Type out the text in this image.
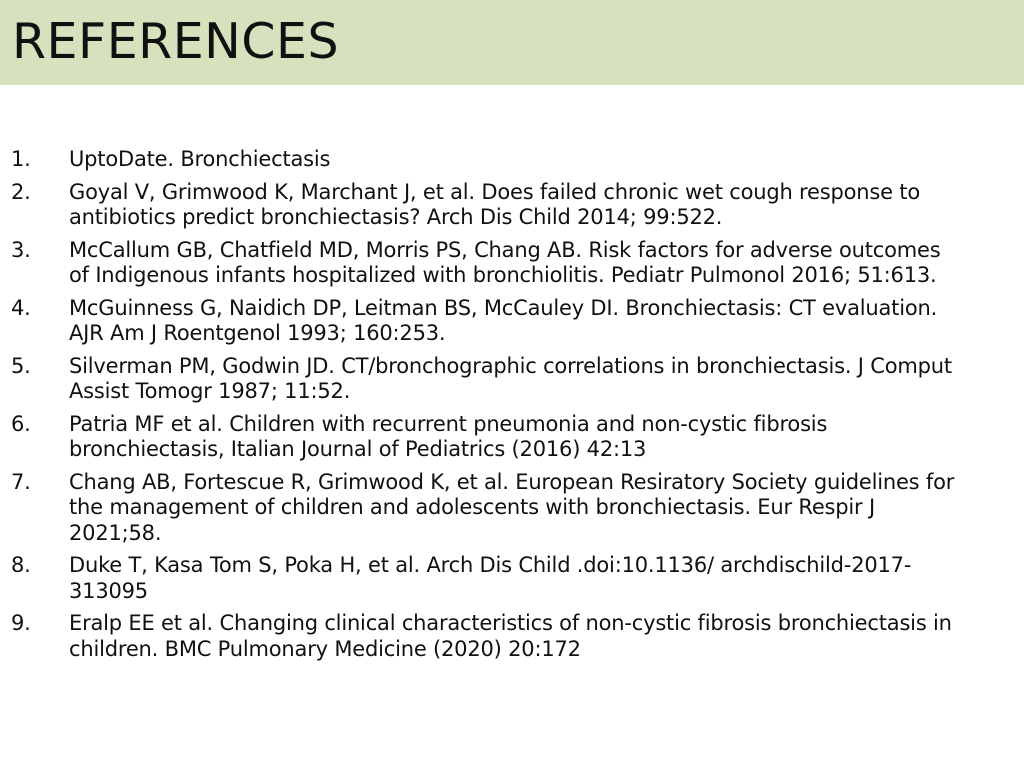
REFERENCES
1. UptoDate. Bronchiectasis
2. Goyal V, Grimwood K, Marchant J, et al. Does failed chronic wet cough response to antibiotics predict bronchiectasis? Arch Dis Child 2014; 99:522.
3. McCallum GB, Chatfield MD, Morris PS, Chang AB. Risk factors for adverse outcomes of Indigenous infants hospitalized with bronchiolitis. Pediatr Pulmonol 2016; 51:613.
4. McGuinness G, Naidich DP, Leitman BS, McCauley DI. Bronchiectasis: CT evaluation. AJR Am J Roentgenol 1993; 160:253.
5. Silverman PM, Godwin JD. CT/bronchographic correlations in bronchiectasis. J Comput Assist Tomogr 1987; 11:52.
6. Patria MF et al. Children with recurrent pneumonia and non-cystic fibrosis bronchiectasis, Italian Journal of Pediatrics (2016) 42:13
7. Chang AB, Fortescue R, Grimwood K, et al. European Resiratory Society guidelines for the management of children and adolescents with bronchiectasis. Eur Respir J 2021;58.
8. Duke T, Kasa Tom S, Poka H, et al. Arch Dis Child .doi:10.1136/ archdischild-2017-313095
9. Eralp EE et al. Changing clinical characteristics of non-cystic fibrosis bronchiectasis in children. BMC Pulmonary Medicine (2020) 20:172
